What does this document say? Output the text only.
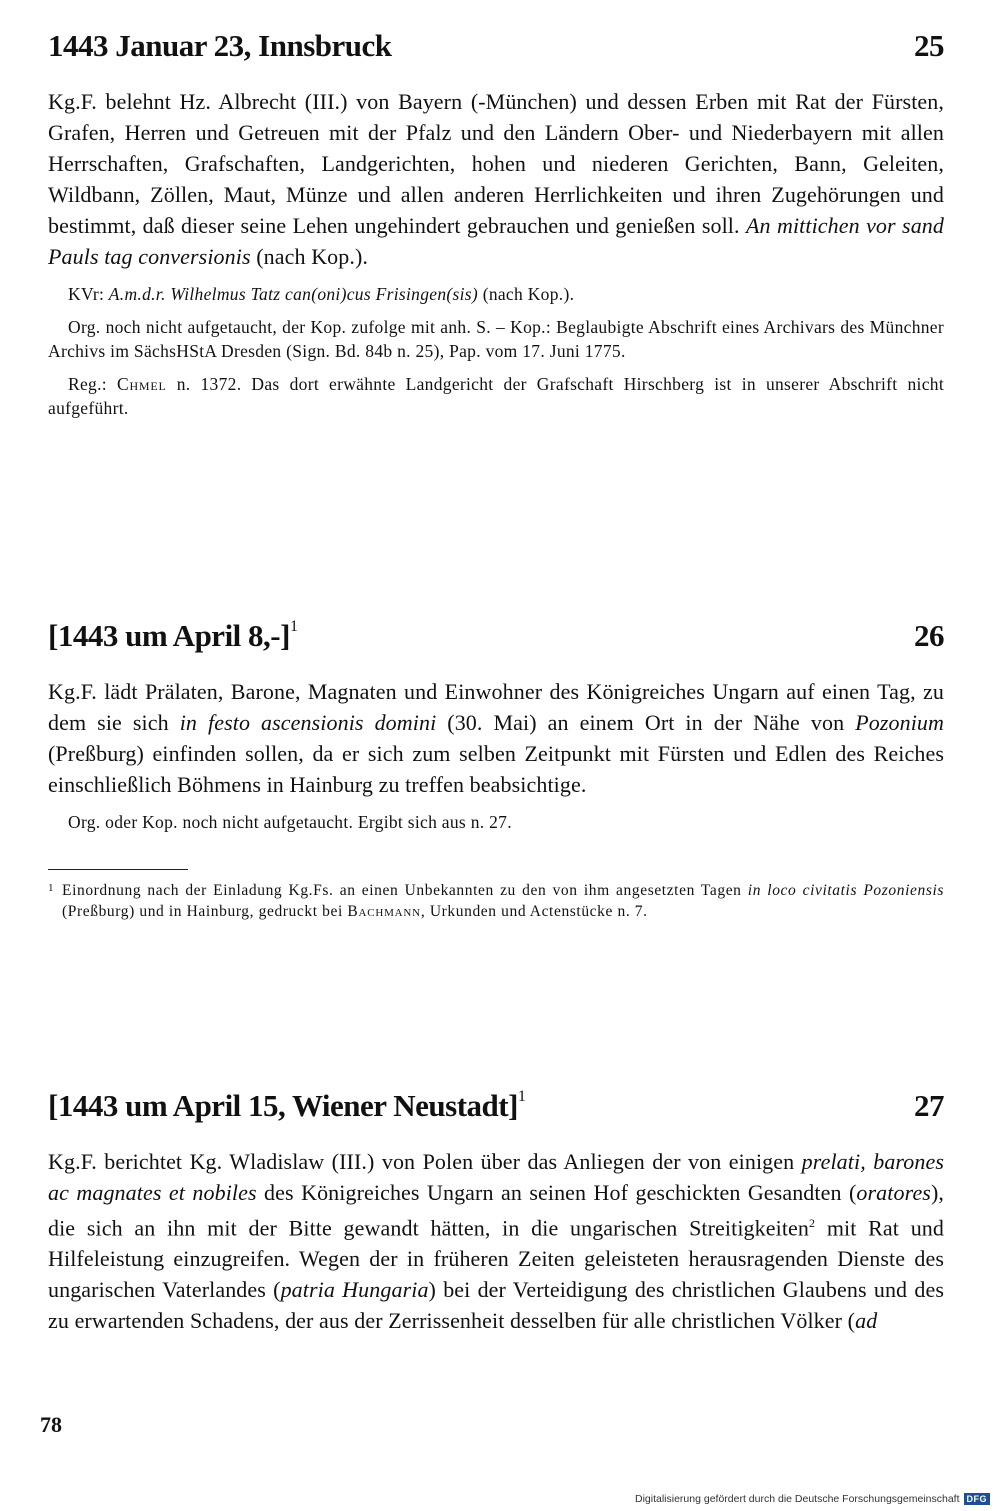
1443 Januar 23, Innsbruck	25
Kg.F. belehnt Hz. Albrecht (III.) von Bayern (-München) und dessen Erben mit Rat der Fürsten, Grafen, Herren und Getreuen mit der Pfalz und den Ländern Ober- und Niederbayern mit allen Herrschaften, Grafschaften, Landgerichten, hohen und niederen Gerichten, Bann, Geleiten, Wildbann, Zöllen, Maut, Münze und allen anderen Herrlichkeiten und ihren Zugehörungen und bestimmt, daß dieser seine Lehen ungehindert gebrauchen und genießen soll. An mittichen vor sand Pauls tag conversionis (nach Kop.).
KVr: A.m.d.r. Wilhelmus Tatz can(oni)cus Frisingen(sis) (nach Kop.).
Org. noch nicht aufgetaucht, der Kop. zufolge mit anh. S. – Kop.: Beglaubigte Abschrift eines Archivars des Münchner Archivs im SächsHStA Dresden (Sign. Bd. 84b n. 25), Pap. vom 17. Juni 1775.
Reg.: Chmel n. 1372. Das dort erwähnte Landgericht der Grafschaft Hirschberg ist in unserer Abschrift nicht aufgeführt.
[1443 um April 8,-]$^1$	26
Kg.F. lädt Prälaten, Barone, Magnaten und Einwohner des Königreiches Ungarn auf einen Tag, zu dem sie sich in festo ascensionis domini (30. Mai) an einem Ort in der Nähe von Pozonium (Preßburg) einfinden sollen, da er sich zum selben Zeitpunkt mit Fürsten und Edlen des Reiches einschließlich Böhmens in Hainburg zu treffen beabsichtige.
Org. oder Kop. noch nicht aufgetaucht. Ergibt sich aus n. 27.
1 Einordnung nach der Einladung Kg.Fs. an einen Unbekannten zu den von ihm angesetzten Tagen in loco civitatis Pozoniensis (Preßburg) und in Hainburg, gedruckt bei Bachmann, Urkunden und Actenstücke n. 7.
[1443 um April 15, Wiener Neustadt]$^1$	27
Kg.F. berichtet Kg. Wladislaw (III.) von Polen über das Anliegen der von einigen prelati, barones ac magnates et nobiles des Königreiches Ungarn an seinen Hof geschickten Gesandten (oratores), die sich an ihn mit der Bitte gewandt hätten, in die ungarischen Streitigkeiten$^2$ mit Rat und Hilfeleistung einzugreifen. Wegen der in früheren Zeiten geleisteten herausragenden Dienste des ungarischen Vaterlandes (patria Hungaria) bei der Verteidigung des christlichen Glaubens und des zu erwartenden Schadens, der aus der Zerrissenheit desselben für alle christlichen Völker (ad
78
Digitalisierung gefördert durch die Deutsche Forschungsgemeinschaft DFG
